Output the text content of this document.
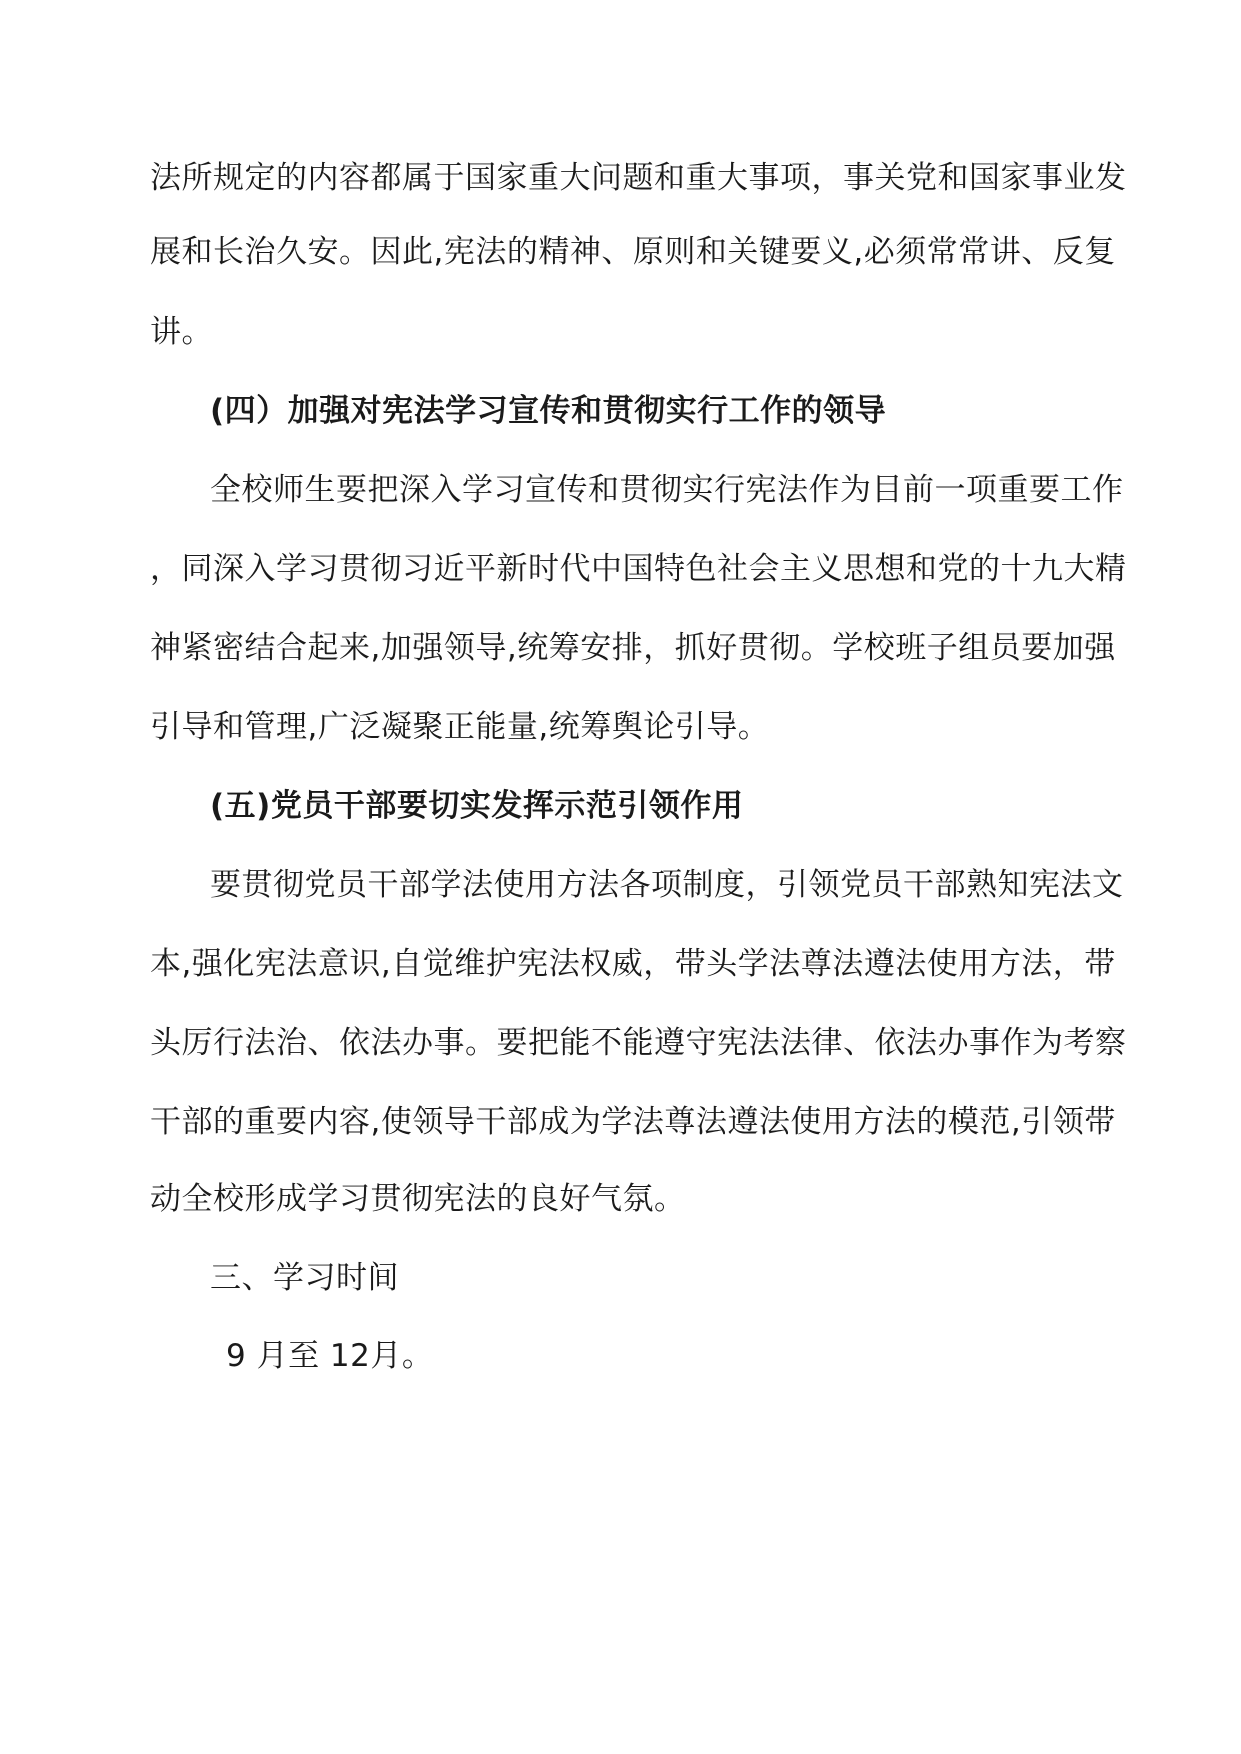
法所规定的内容都属于国家重大问题和重大事项，事关党和国家事业发
展和长治久安。因此,宪法的精神、原则和关键要义,必须常常讲、反复
讲。
(四）加强对宪法学习宣传和贯彻实行工作的领导
全校师生要把深入学习宣传和贯彻实行宪法作为目前一项重要工作
，同深入学习贯彻习近平新时代中国特色社会主义思想和党的十九大精
神紧密结合起来,加强领导,统筹安排，抓好贯彻。学校班子组员要加强
引导和管理,广泛凝聚正能量,统筹舆论引导。
(五)党员干部要切实发挥示范引领作用
要贯彻党员干部学法使用方法各项制度，引领党员干部熟知宪法文
本,强化宪法意识,自觉维护宪法权威，带头学法尊法遵法使用方法，带
头厉行法治、依法办事。要把能不能遵守宪法法律、依法办事作为考察
干部的重要内容,使领导干部成为学法尊法遵法使用方法的模范,引领带
动全校形成学习贯彻宪法的良好气氛。
三、学习时间
9 月至 12月。
